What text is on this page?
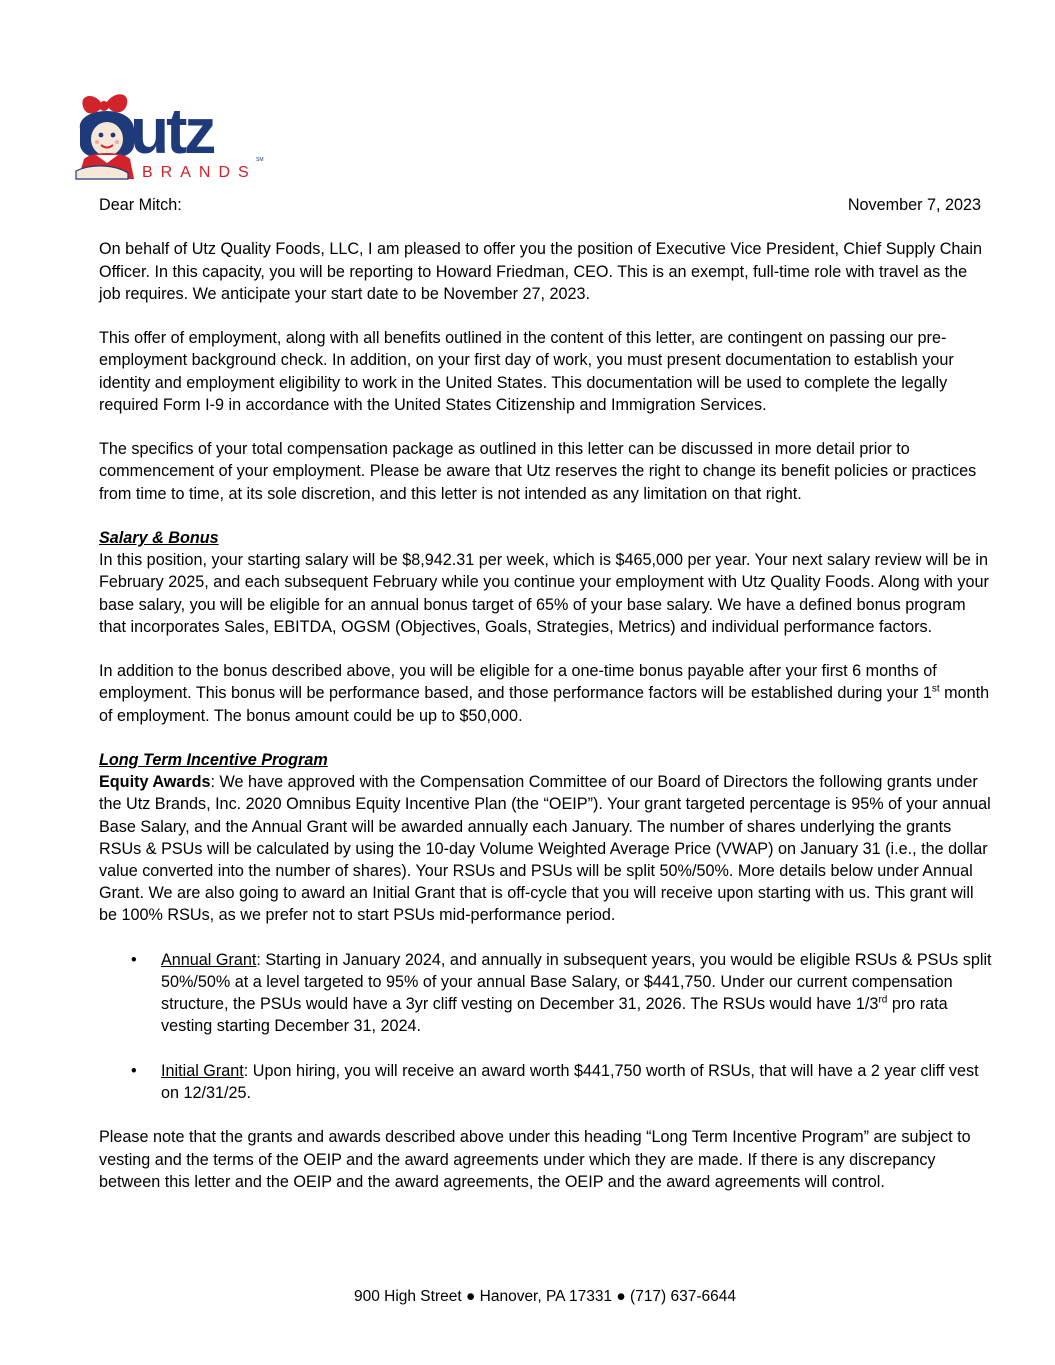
utz	SM
BRANDS
Dear Mitch:	November 7, 2023

On behalf of Utz Quality Foods, LLC, I am pleased to offer you the position of Executive Vice President, Chief Supply Chain Officer. In this capacity, you will be reporting to Howard Friedman, CEO. This is an exempt, full-time role with travel as the job requires. We anticipate your start date to be November 27, 2023.

This offer of employment, along with all benefits outlined in the content of this letter, are contingent on passing our pre-employment background check. In addition, on your first day of work, you must present documentation to establish your identity and employment eligibility to work in the United States. This documentation will be used to complete the legally required Form I-9 in accordance with the United States Citizenship and Immigration Services.

The specifics of your total compensation package as outlined in this letter can be discussed in more detail prior to commencement of your employment. Please be aware that Utz reserves the right to change its benefit policies or practices from time to time, at its sole discretion, and this letter is not intended as any limitation on that right.

Salary & Bonus
In this position, your starting salary will be $8,942.31 per week, which is $465,000 per year. Your next salary review will be in February 2025, and each subsequent February while you continue your employment with Utz Quality Foods. Along with your base salary, you will be eligible for an annual bonus target of 65% of your base salary. We have a defined bonus program that incorporates Sales, EBITDA, OGSM (Objectives, Goals, Strategies, Metrics) and individual performance factors.

In addition to the bonus described above, you will be eligible for a one-time bonus payable after your first 6 months of employment. This bonus will be performance based, and those performance factors will be established during your 1st month of employment. The bonus amount could be up to $50,000.

Long Term Incentive Program
Equity Awards: We have approved with the Compensation Committee of our Board of Directors the following grants under the Utz Brands, Inc. 2020 Omnibus Equity Incentive Plan (the “OEIP”). Your grant targeted percentage is 95% of your annual Base Salary, and the Annual Grant will be awarded annually each January. The number of shares underlying the grants RSUs & PSUs will be calculated by using the 10-day Volume Weighted Average Price (VWAP) on January 31 (i.e., the dollar value converted into the number of shares). Your RSUs and PSUs will be split 50%/50%. More details below under Annual Grant. We are also going to award an Initial Grant that is off-cycle that you will receive upon starting with us. This grant will be 100% RSUs, as we prefer not to start PSUs mid-performance period.

• Annual Grant: Starting in January 2024, and annually in subsequent years, you would be eligible RSUs & PSUs split 50%/50% at a level targeted to 95% of your annual Base Salary, or $441,750. Under our current compensation structure, the PSUs would have a 3yr cliff vesting on December 31, 2026. The RSUs would have 1/3rd pro rata vesting starting December 31, 2024.
• Initial Grant: Upon hiring, you will receive an award worth $441,750 worth of RSUs, that will have a 2 year cliff vest on 12/31/25.

Please note that the grants and awards described above under this heading “Long Term Incentive Program” are subject to vesting and the terms of the OEIP and the award agreements under which they are made. If there is any discrepancy between this letter and the OEIP and the award agreements, the OEIP and the award agreements will control.

900 High Street ● Hanover, PA 17331 ● (717) 637-6644
